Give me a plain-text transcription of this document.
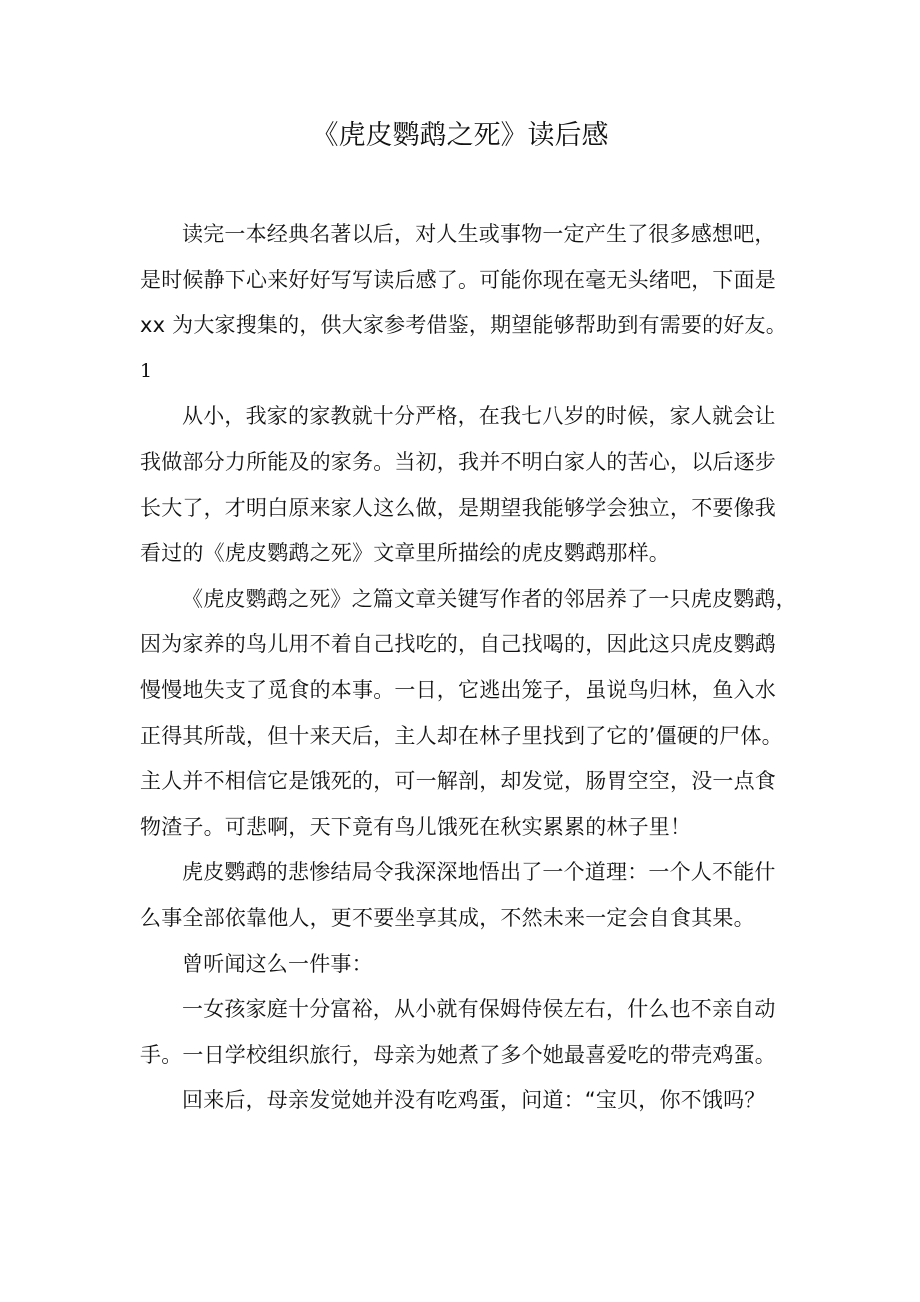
《虎皮鹦鹉之死》读后感
读完一本经典名著以后，对人生或事物一定产生了很多感想吧，
是时候静下心来好好写写读后感了。可能你现在毫无头绪吧，下面是
xx 为大家搜集的，供大家参考借鉴，期望能够帮助到有需要的好友。
1
从小，我家的家教就十分严格，在我七八岁的时候，家人就会让
我做部分力所能及的家务。当初，我并不明白家人的苦心，以后逐步
长大了，才明白原来家人这么做，是期望我能够学会独立，不要像我
看过的《虎皮鹦鹉之死》文章里所描绘的虎皮鹦鹉那样。
《虎皮鹦鹉之死》之篇文章关键写作者的邻居养了一只虎皮鹦鹉，
因为家养的鸟儿用不着自己找吃的，自己找喝的，因此这只虎皮鹦鹉
慢慢地失支了觅食的本事。一日，它逃出笼子，虽说鸟归林，鱼入水
正得其所哉，但十来天后，主人却在林子里找到了它的’僵硬的尸体。
主人并不相信它是饿死的，可一解剖，却发觉，肠胃空空，没一点食
物渣子。可悲啊，天下竟有鸟儿饿死在秋实累累的林子里！
虎皮鹦鹉的悲惨结局令我深深地悟出了一个道理：一个人不能什
么事全部依靠他人，更不要坐享其成，不然未来一定会自食其果。
曾听闻这么一件事：
一女孩家庭十分富裕，从小就有保姆侍侯左右，什么也不亲自动
手。一日学校组织旅行，母亲为她煮了多个她最喜爱吃的带壳鸡蛋。
回来后，母亲发觉她并没有吃鸡蛋，问道：“宝贝，你不饿吗？
